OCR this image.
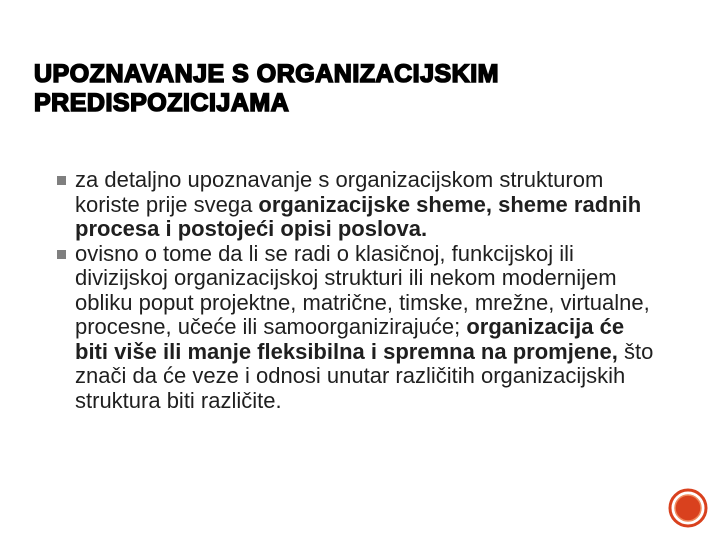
UPOZNAVANJE S ORGANIZACIJSKIM
PREDISPOZICIJAMA
za detaljno upoznavanje s organizacijskom strukturom koriste prije svega organizacijske sheme, sheme radnih procesa i postojeći opisi poslova.
ovisno o tome da li se radi o klasičnoj, funkcijskoj ili divizijskoj organizacijskoj strukturi ili nekom modernijem obliku poput projektne, matrične, timske, mrežne, virtualne, procesne, učeće ili samoorganizirajuće; organizacija će biti više ili manje fleksibilna i spremna na promjene, što znači da će veze i odnosi unutar različitih organizacijskih struktura biti različite.
